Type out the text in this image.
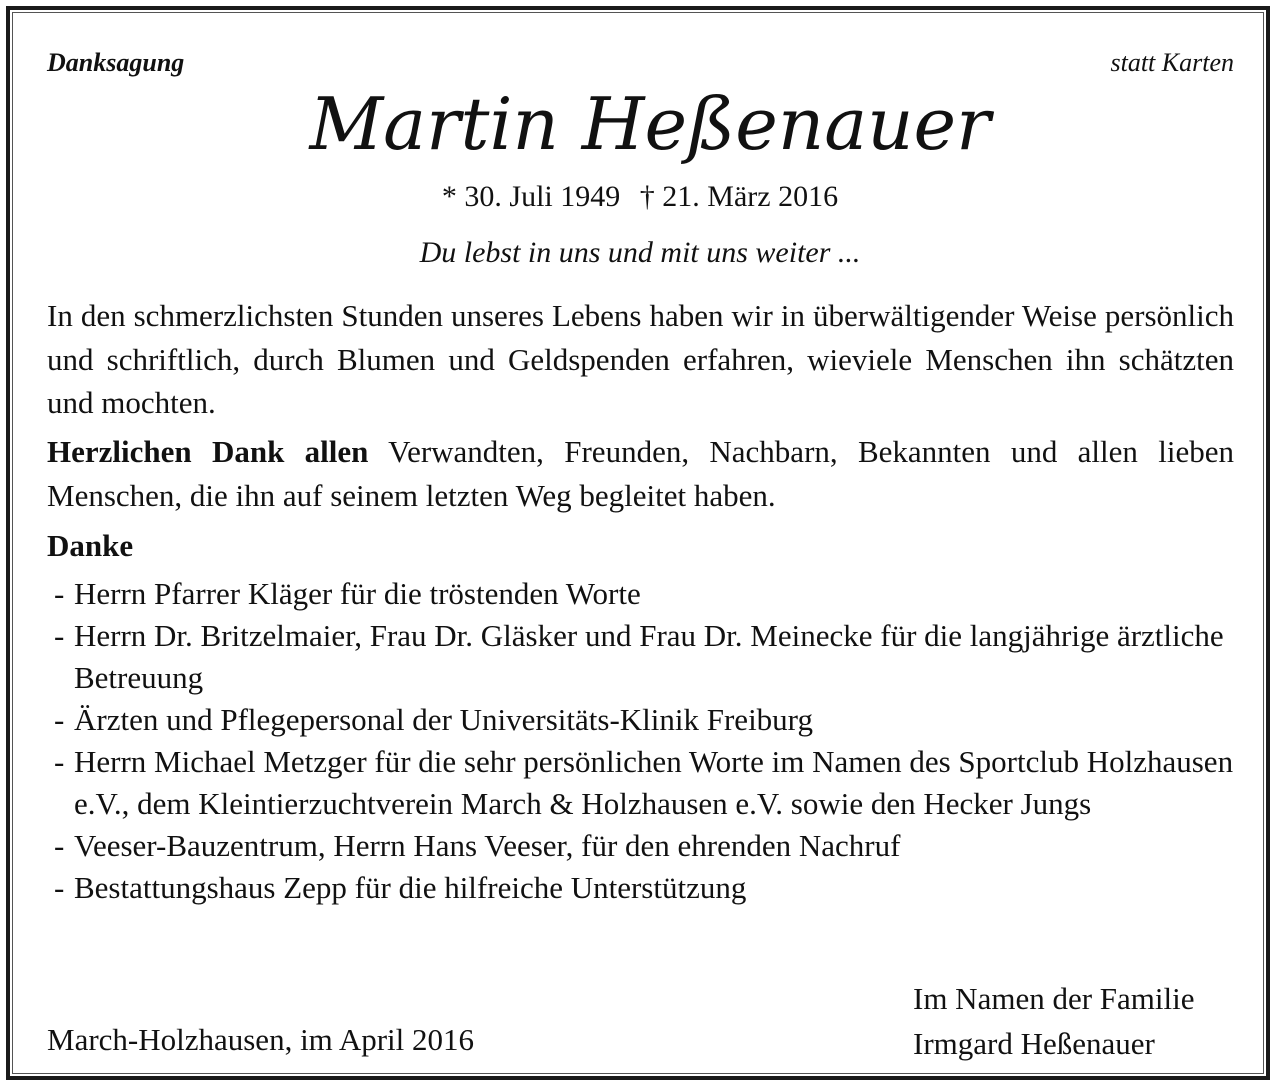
Danksagung	statt Karten
Martin Heßenauer
* 30. Juli 1949 † 21. März 2016
Du lebst in uns und mit uns weiter ...
In den schmerzlichsten Stunden unseres Lebens haben wir in überwältigender Weise persönlich und schriftlich, durch Blumen und Geldspenden erfahren, wieviele Menschen ihn schätzten und mochten.
Herzlichen Dank allen Verwandten, Freunden, Nachbarn, Bekannten und allen lieben Menschen, die ihn auf seinem letzten Weg begleitet haben.
Danke
- Herrn Pfarrer Kläger für die tröstenden Worte
- Herrn Dr. Britzelmaier, Frau Dr. Gläsker und Frau Dr. Meinecke für die langjährige ärztliche Betreuung
- Ärzten und Pflegepersonal der Universitäts-Klinik Freiburg
- Herrn Michael Metzger für die sehr persönlichen Worte im Namen des Sportclub Holzhausen e.V., dem Kleintierzuchtverein March & Holzhausen e.V. sowie den Hecker Jungs
- Veeser-Bauzentrum, Herrn Hans Veeser, für den ehrenden Nachruf
- Bestattungshaus Zepp für die hilfreiche Unterstützung
Im Namen der Familie
Irmgard Heßenauer
March-Holzhausen, im April 2016
